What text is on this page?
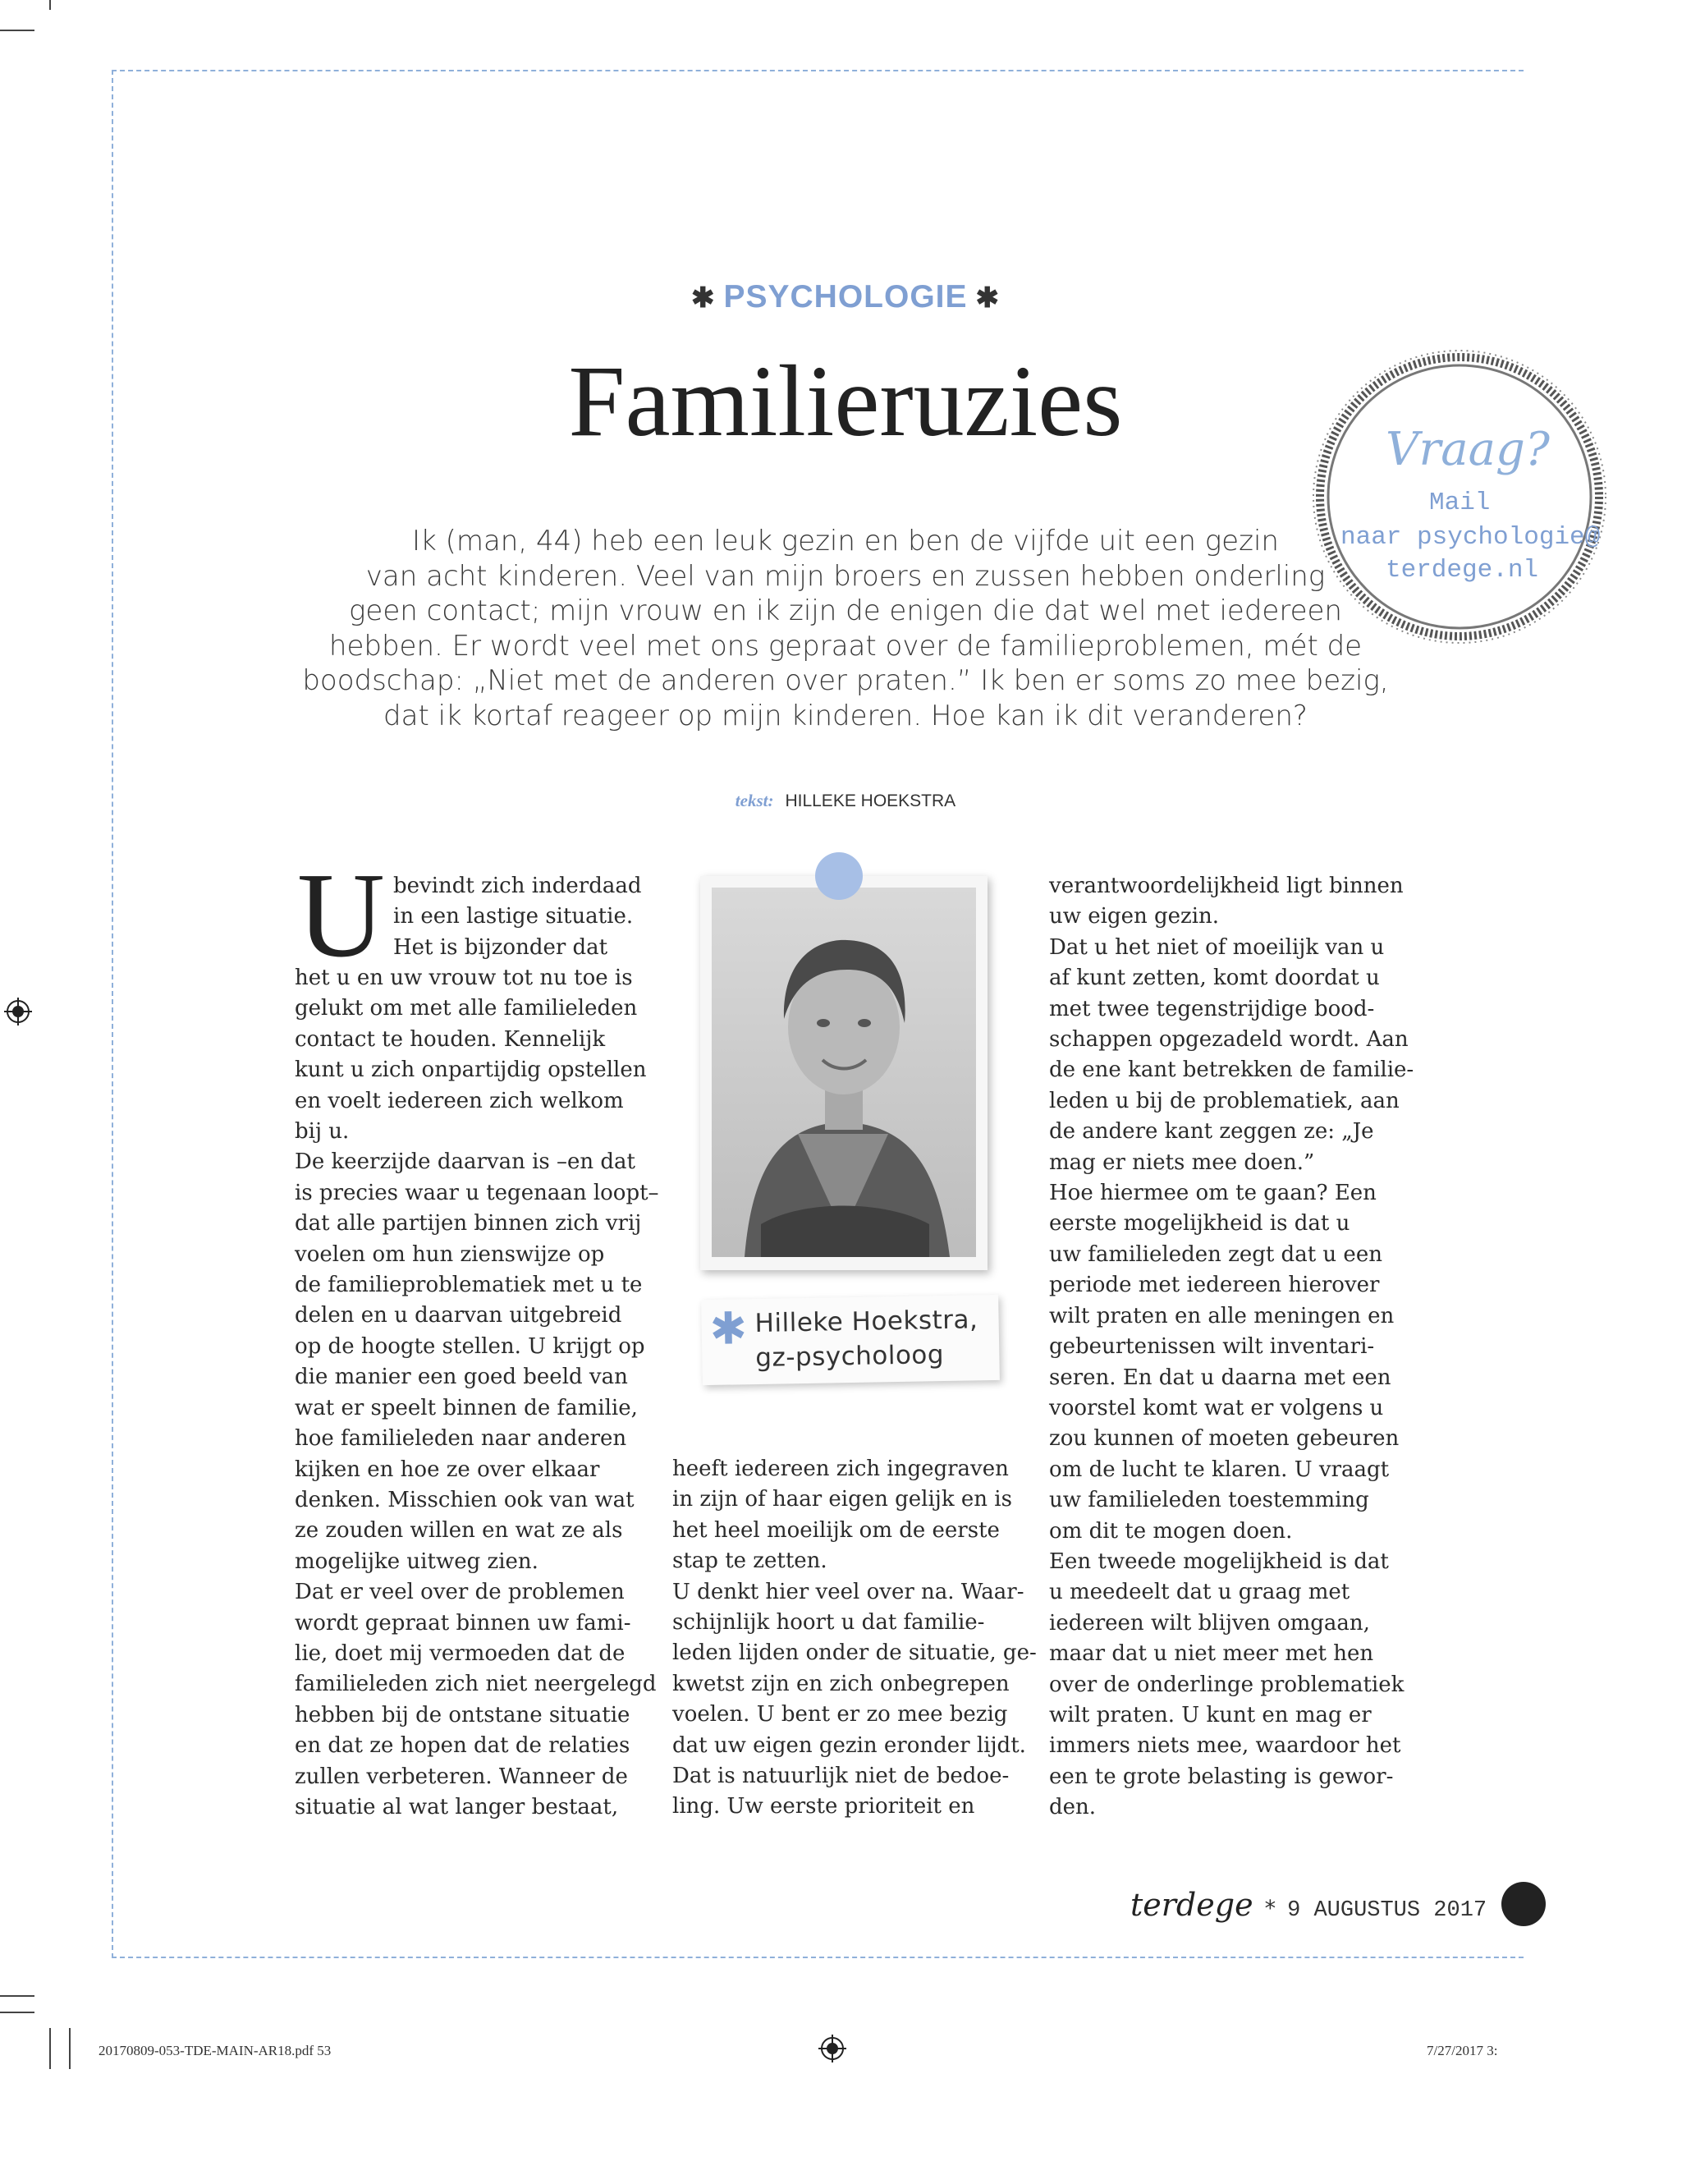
✱ PSYCHOLOGIE ✱
Familieruzies	Vraag?
Mail
naar psychologie@
terdege.nl
Ik (man, 44) heb een leuk gezin en ben de vijfde uit een gezin
van acht kinderen. Veel van mijn broers en zussen hebben onderling
geen contact; mijn vrouw en ik zijn de enigen die dat wel met iedereen
hebben. Er wordt veel met ons gepraat over de familieproblemen, mét de
boodschap: „Niet met de anderen over praten.” Ik ben er soms zo mee bezig,
dat ik kortaf reageer op mijn kinderen. Hoe kan ik dit veranderen?
tekst: HILLEKE HOEKSTRA
U bevindt zich inderdaad
in een lastige situatie.
Het is bijzonder dat
het u en uw vrouw tot nu toe is
gelukt om met alle familieleden
contact te houden. Kennelijk
kunt u zich onpartijdig opstellen
en voelt iedereen zich welkom
bij u.
De keerzijde daarvan is –en dat
is precies waar u tegenaan loopt–
dat alle partijen binnen zich vrij
voelen om hun zienswijze op
de familieproblematiek met u te
delen en u daarvan uitgebreid
op de hoogte stellen. U krijgt op
die manier een goed beeld van
wat er speelt binnen de familie,
hoe familieleden naar anderen
kijken en hoe ze over elkaar
denken. Misschien ook van wat
ze zouden willen en wat ze als
mogelijke uitweg zien.
Dat er veel over de problemen
wordt gepraat binnen uw fami-
lie, doet mij vermoeden dat de
familieleden zich niet neergelegd
hebben bij de ontstane situatie
en dat ze hopen dat de relaties
zullen verbeteren. Wanneer de
situatie al wat langer bestaat,
✱ Hilleke Hoekstra,
gz-psycholoog
heeft iedereen zich ingegraven
in zijn of haar eigen gelijk en is
het heel moeilijk om de eerste
stap te zetten.
U denkt hier veel over na. Waar-
schijnlijk hoort u dat familie-
leden lijden onder de situatie, ge-
kwetst zijn en zich onbegrepen
voelen. U bent er zo mee bezig
dat uw eigen gezin eronder lijdt.
Dat is natuurlijk niet de bedoe-
ling. Uw eerste prioriteit en
verantwoordelijkheid ligt binnen
uw eigen gezin.
Dat u het niet of moeilijk van u
af kunt zetten, komt doordat u
met twee tegenstrijdige bood-
schappen opgezadeld wordt. Aan
de ene kant betrekken de familie-
leden u bij de problematiek, aan
de andere kant zeggen ze: „Je
mag er niets mee doen.”
Hoe hiermee om te gaan? Een
eerste mogelijkheid is dat u
uw familieleden zegt dat u een
periode met iedereen hierover
wilt praten en alle meningen en
gebeurtenissen wilt inventari-
seren. En dat u daarna met een
voorstel komt wat er volgens u
zou kunnen of moeten gebeuren
om de lucht te klaren. U vraagt
uw familieleden toestemming
om dit te mogen doen.
Een tweede mogelijkheid is dat
u meedeelt dat u graag met
iedereen wilt blijven omgaan,
maar dat u niet meer met hen
over de onderlinge problematiek
wilt praten. U kunt en mag er
immers niets mee, waardoor het
een te grote belasting is gewor-
den.
terdege * 9 AUGUSTUS 2017
20170809-053-TDE-MAIN-AR18.pdf 53	7/27/2017 3:
